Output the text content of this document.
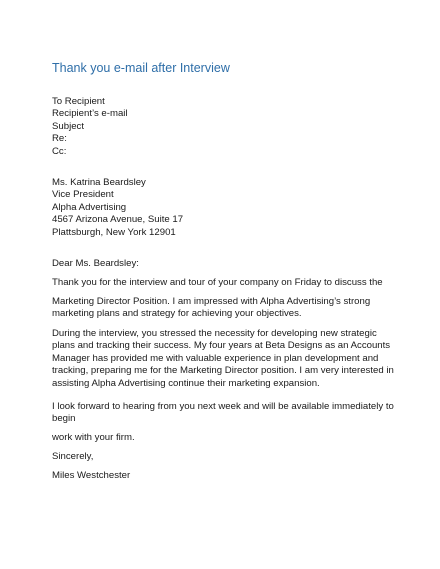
Thank you e-mail after Interview
To Recipient
Recipient’s e-mail
Subject
Re:
Cc:
Ms. Katrina Beardsley
Vice President
Alpha Advertising
4567 Arizona Avenue, Suite 17
Plattsburgh, New York 12901
Dear Ms. Beardsley:
Thank you for the interview and tour of your company on Friday to discuss the
Marketing Director Position. I am impressed with Alpha Advertising’s strong
marketing plans and strategy for achieving your objectives.
During the interview, you stressed the necessity for developing new strategic
plans and tracking their success. My four years at Beta Designs as an Accounts
Manager has provided me with valuable experience in plan development and
tracking, preparing me for the Marketing Director position. I am very interested in
assisting Alpha Advertising continue their marketing expansion.
I look forward to hearing from you next week and will be available immediately to
begin
work with your firm.
Sincerely,
Miles Westchester
